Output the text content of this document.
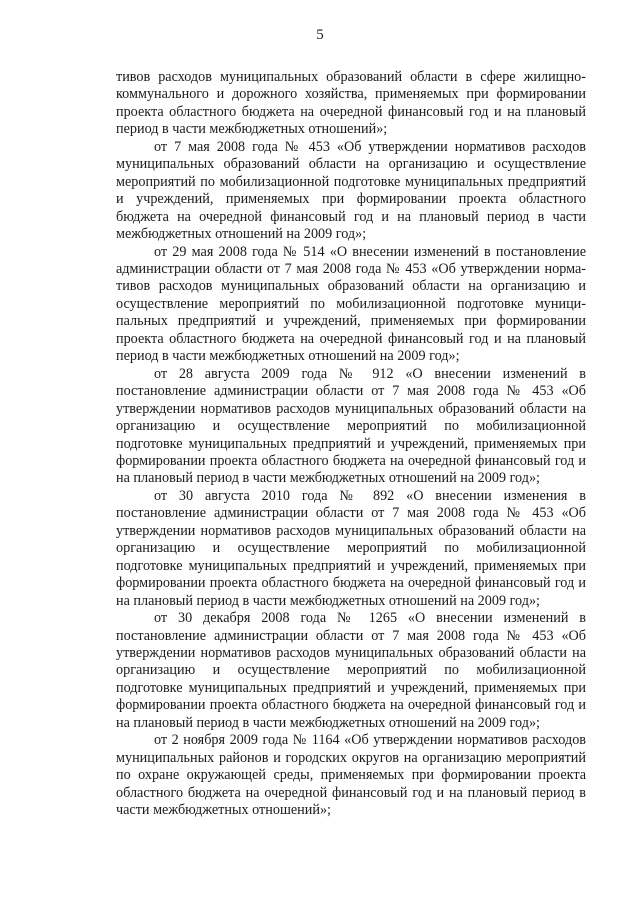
5

тивов расходов муниципальных образований области в сфере жилищно-коммунального и дорожного хозяйства, применяемых при формировании проекта областного бюджета на очередной финансовый год и на плановый период в части межбюджетных отношений»;

от 7 мая 2008 года № 453 «Об утверждении нормативов расходов муниципальных образований области на организацию и осуществление мероприятий по мобилизационной подготовке муниципальных предприятий и учреждений, применяемых при формировании проекта областного бюджета на очередной финансовый год и на плановый период в части межбюджетных отношений на 2009 год»;

от 29 мая 2008 года № 514 «О внесении изменений в постановление администрации области от 7 мая 2008 года № 453 «Об утверждении нормативов расходов муниципальных образований области на организацию и осуществление мероприятий по мобилизационной подготовке муниципальных предприятий и учреждений, применяемых при формировании проекта областного бюджета на очередной финансовый год и на плановый период в части межбюджетных отношений на 2009 год»;

от 28 августа 2009 года № 912 «О внесении изменений в постановление администрации области от 7 мая 2008 года № 453 «Об утверждении нормативов расходов муниципальных образований области на организацию и осуществление мероприятий по мобилизационной подготовке муниципальных предприятий и учреждений, применяемых при формировании проекта областного бюджета на очередной финансовый год и на плановый период в части межбюджетных отношений на 2009 год»;

от 30 августа 2010 года № 892 «О внесении изменения в постановление администрации области от 7 мая 2008 года № 453 «Об утверждении нормативов расходов муниципальных образований области на организацию и осуществление мероприятий по мобилизационной подготовке муниципальных предприятий и учреждений, применяемых при формировании проекта областного бюджета на очередной финансовый год и на плановый период в части межбюджетных отношений на 2009 год»;

от 30 декабря 2008 года № 1265 «О внесении изменений в постановление администрации области от 7 мая 2008 года № 453 «Об утверждении нормативов расходов муниципальных образований области на организацию и осуществление мероприятий по мобилизационной подготовке муниципальных предприятий и учреждений, применяемых при формировании проекта областного бюджета на очередной финансовый год и на плановый период в части межбюджетных отношений на 2009 год»;

от 2 ноября 2009 года № 1164 «Об утверждении нормативов расходов муниципальных районов и городских округов на организацию мероприятий по охране окружающей среды, применяемых при формировании проекта областного бюджета на очередной финансовый год и на плановый период в части межбюджетных отношений»;
